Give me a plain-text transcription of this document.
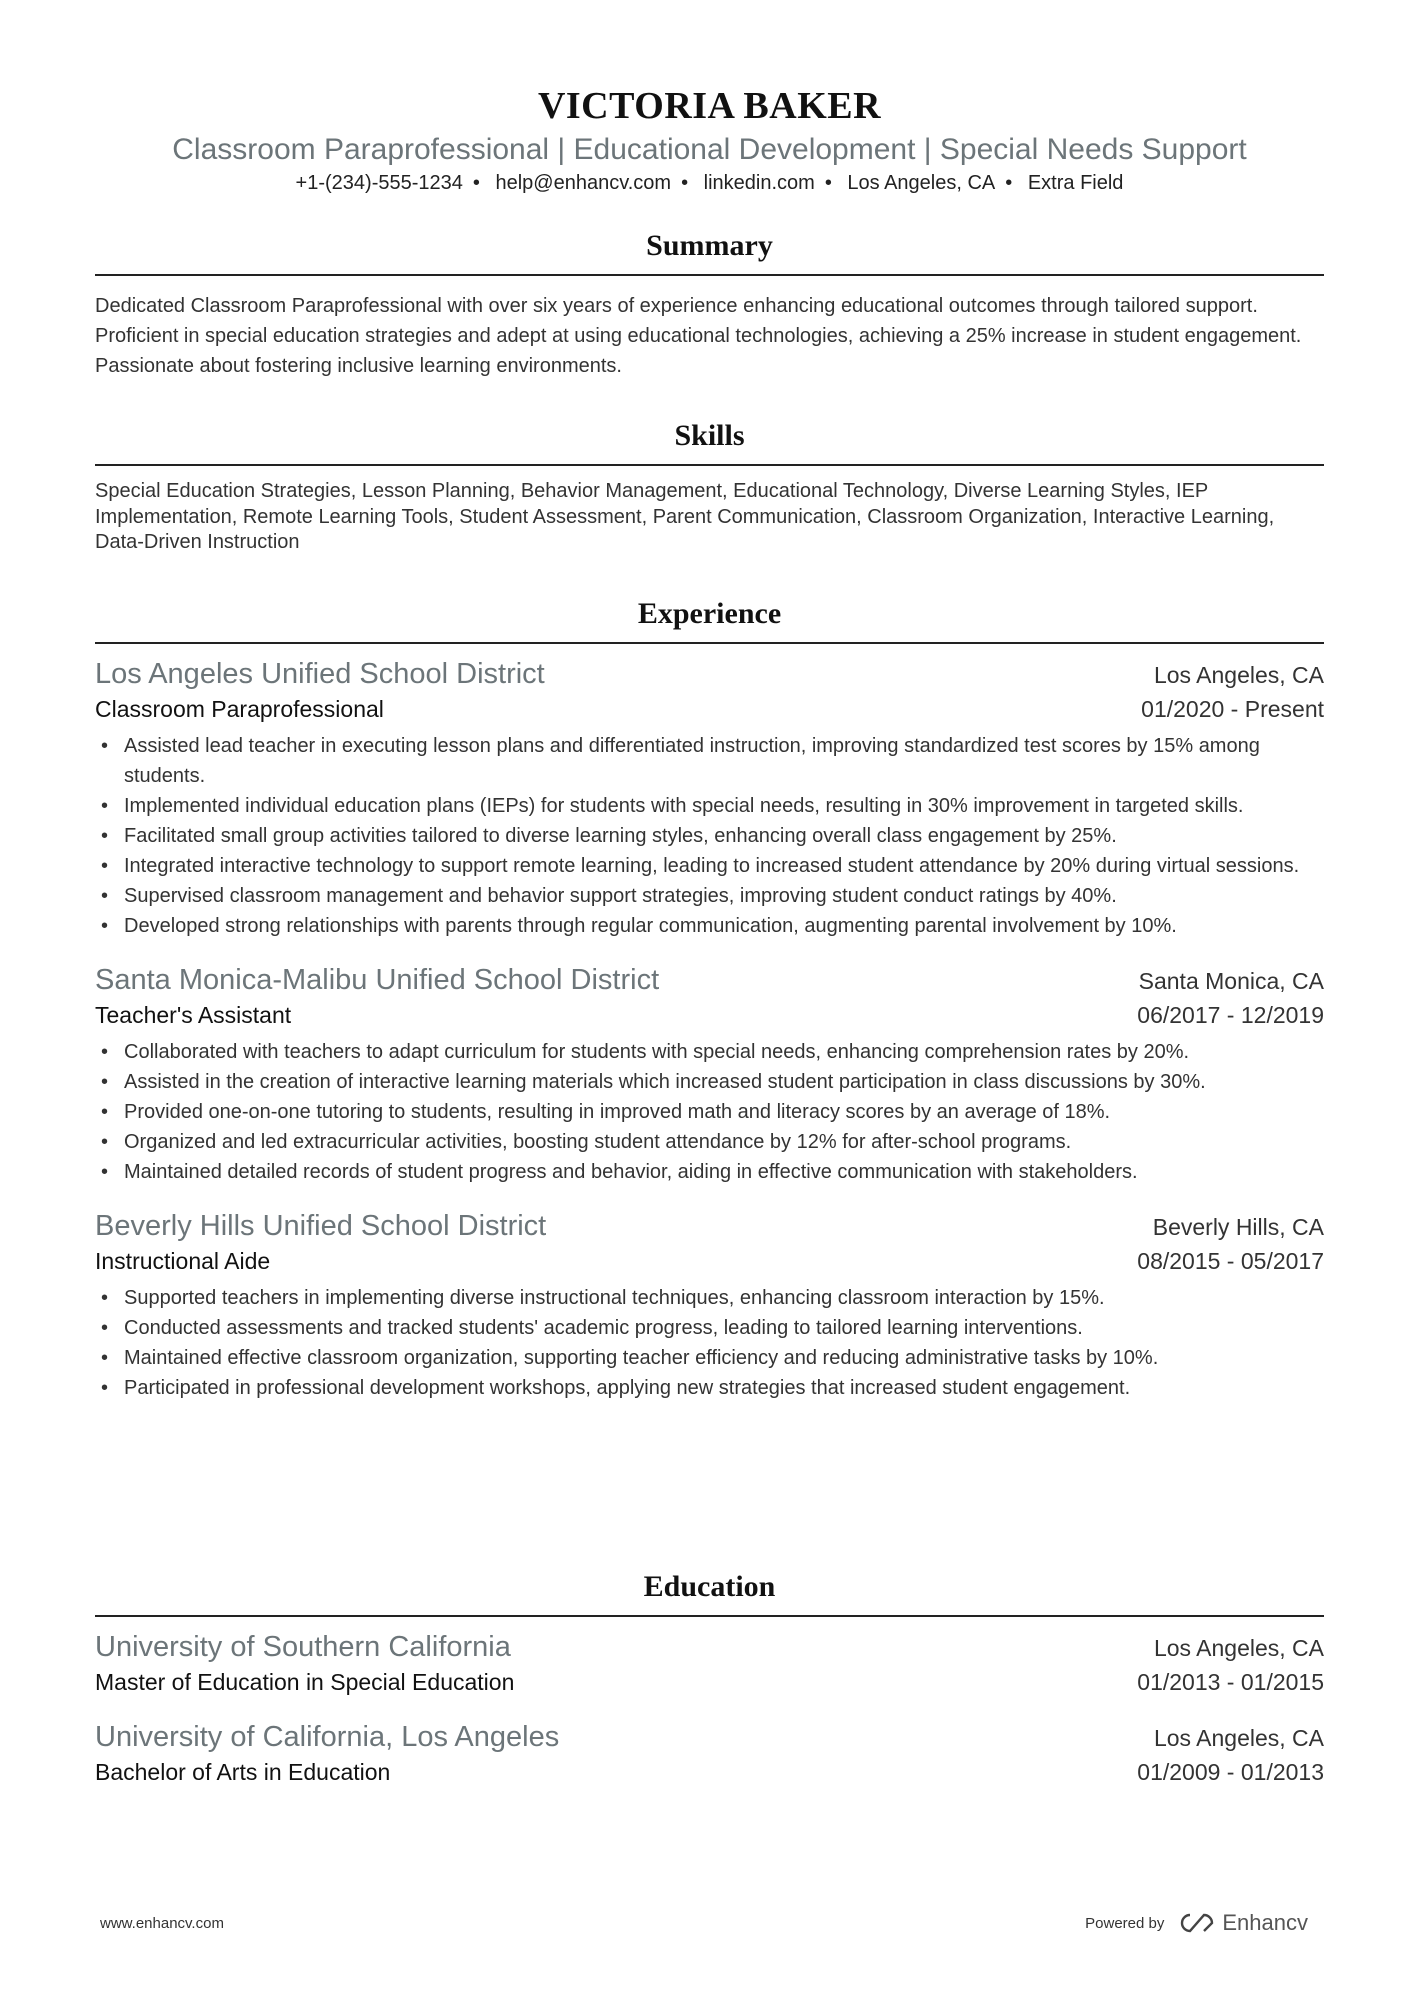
VICTORIA BAKER
Classroom Paraprofessional | Educational Development | Special Needs Support
+1-(234)-555-1234 • help@enhancv.com • linkedin.com • Los Angeles, CA • Extra Field
Summary

Dedicated Classroom Paraprofessional with over six years of experience enhancing educational outcomes through tailored support. Proficient in special education strategies and adept at using educational technologies, achieving a 25% increase in student engagement. Passionate about fostering inclusive learning environments.

Skills

Special Education Strategies, Lesson Planning, Behavior Management, Educational Technology, Diverse Learning Styles, IEP Implementation, Remote Learning Tools, Student Assessment, Parent Communication, Classroom Organization, Interactive Learning, Data-Driven Instruction

Experience
Los Angeles Unified School District	Los Angeles, CA
Classroom Paraprofessional	01/2020 - Present
• Assisted lead teacher in executing lesson plans and differentiated instruction, improving standardized test scores by 15% among students.
• Implemented individual education plans (IEPs) for students with special needs, resulting in 30% improvement in targeted skills.
• Facilitated small group activities tailored to diverse learning styles, enhancing overall class engagement by 25%.
• Integrated interactive technology to support remote learning, leading to increased student attendance by 20% during virtual sessions.
• Supervised classroom management and behavior support strategies, improving student conduct ratings by 40%.
• Developed strong relationships with parents through regular communication, augmenting parental involvement by 10%.
Santa Monica-Malibu Unified School District	Santa Monica, CA
Teacher's Assistant	06/2017 - 12/2019
• Collaborated with teachers to adapt curriculum for students with special needs, enhancing comprehension rates by 20%.
• Assisted in the creation of interactive learning materials which increased student participation in class discussions by 30%.
• Provided one-on-one tutoring to students, resulting in improved math and literacy scores by an average of 18%.
• Organized and led extracurricular activities, boosting student attendance by 12% for after-school programs.
• Maintained detailed records of student progress and behavior, aiding in effective communication with stakeholders.
Beverly Hills Unified School District	Beverly Hills, CA
Instructional Aide	08/2015 - 05/2017
• Supported teachers in implementing diverse instructional techniques, enhancing classroom interaction by 15%.
• Conducted assessments and tracked students' academic progress, leading to tailored learning interventions.
• Maintained effective classroom organization, supporting teacher efficiency and reducing administrative tasks by 10%.
• Participated in professional development workshops, applying new strategies that increased student engagement.
Education
University of Southern California	Los Angeles, CA
Master of Education in Special Education	01/2013 - 01/2015
University of California, Los Angeles	Los Angeles, CA
Bachelor of Arts in Education	01/2009 - 01/2013
www.enhancv.com	Powered by	Enhancv
